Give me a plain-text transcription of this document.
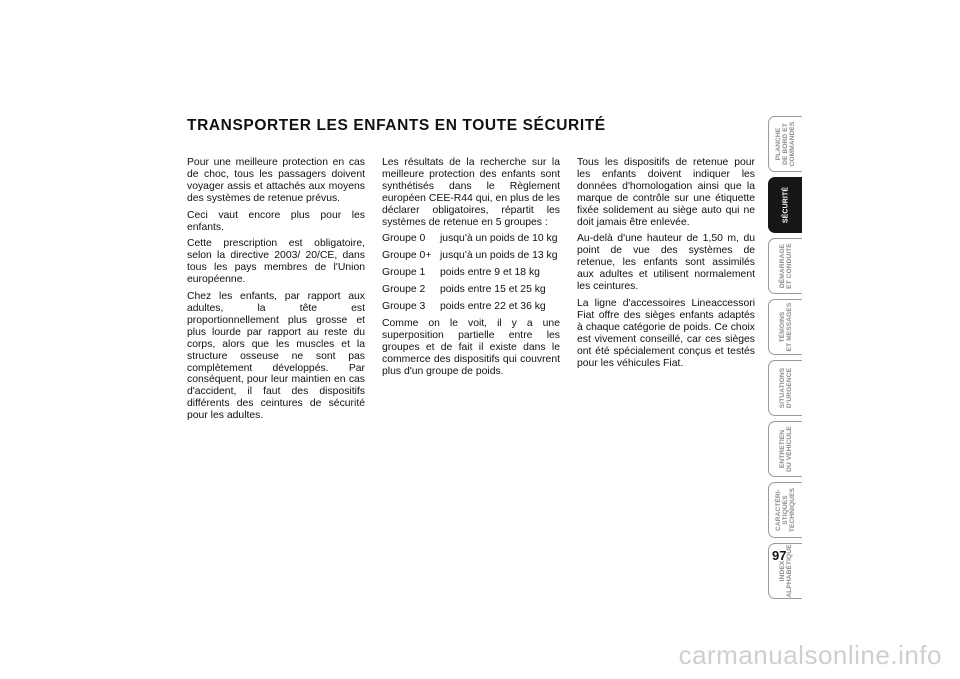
TRANSPORTER LES ENFANTS EN TOUTE SÉCURITÉ

Pour une meilleure protection en cas de choc, tous les passagers doivent voyager assis et attachés aux moyens des systèmes de retenue prévus.

Ceci vaut encore plus pour les enfants.

Cette prescription est obligatoire, selon la directive 2003/ 20/CE, dans tous les pays membres de l'Union européenne.

Chez les enfants, par rapport aux adultes, la tête est proportionnellement plus grosse et plus lourde par rapport au reste du corps, alors que les muscles et la structure osseuse ne sont pas complètement développés. Par conséquent, pour leur maintien en cas d'accident, il faut des dispositifs différents des ceintures de sécurité pour les adultes.

Les résultats de la recherche sur la meilleure protection des enfants sont synthétisés dans le Règlement européen CEE-R44 qui, en plus de les déclarer obligatoires, répartit les systèmes de retenue en 5 groupes :

Groupe 0	jusqu'à un poids de 10 kg
Groupe 0+ jusqu'à un poids de 13 kg
Groupe 1	poids entre 9 et 18 kg
Groupe 2	poids entre 15 et 25 kg
Groupe 3	poids entre 22 et 36 kg

Comme on le voit, il y a une superposition partielle entre les groupes et de fait il existe dans le commerce des dispositifs qui couvrent plus d'un groupe de poids.

Tous les dispositifs de retenue pour les enfants doivent indiquer les données d'homologation ainsi que la marque de contrôle sur une étiquette fixée solidement au siège auto qui ne doit jamais être enlevée.

Au-delà d'une hauteur de 1,50 m, du point de vue des systèmes de retenue, les enfants sont assimilés aux adultes et utilisent normalement les ceintures.

La ligne d'accessoires Lineaccessori Fiat offre des sièges enfants adaptés à chaque catégorie de poids. Ce choix est vivement conseillé, car ces sièges ont été spécialement conçus et testés pour les véhicules Fiat.

PLANCHE
DE BORD ET
COMMANDES
SÉCURITÉ
DÉMARRAGE
ET CONDUITE
TÉMOINS
ET MESSAGES
SITUATIONS
D'URGENCE
ENTRETIEN
DU VÉHICULE
CARACTÉRI-
STIQUES
TECHNIQUES
INDEX
ALPHABÉTIQUE
97
carmanualsonline.info
